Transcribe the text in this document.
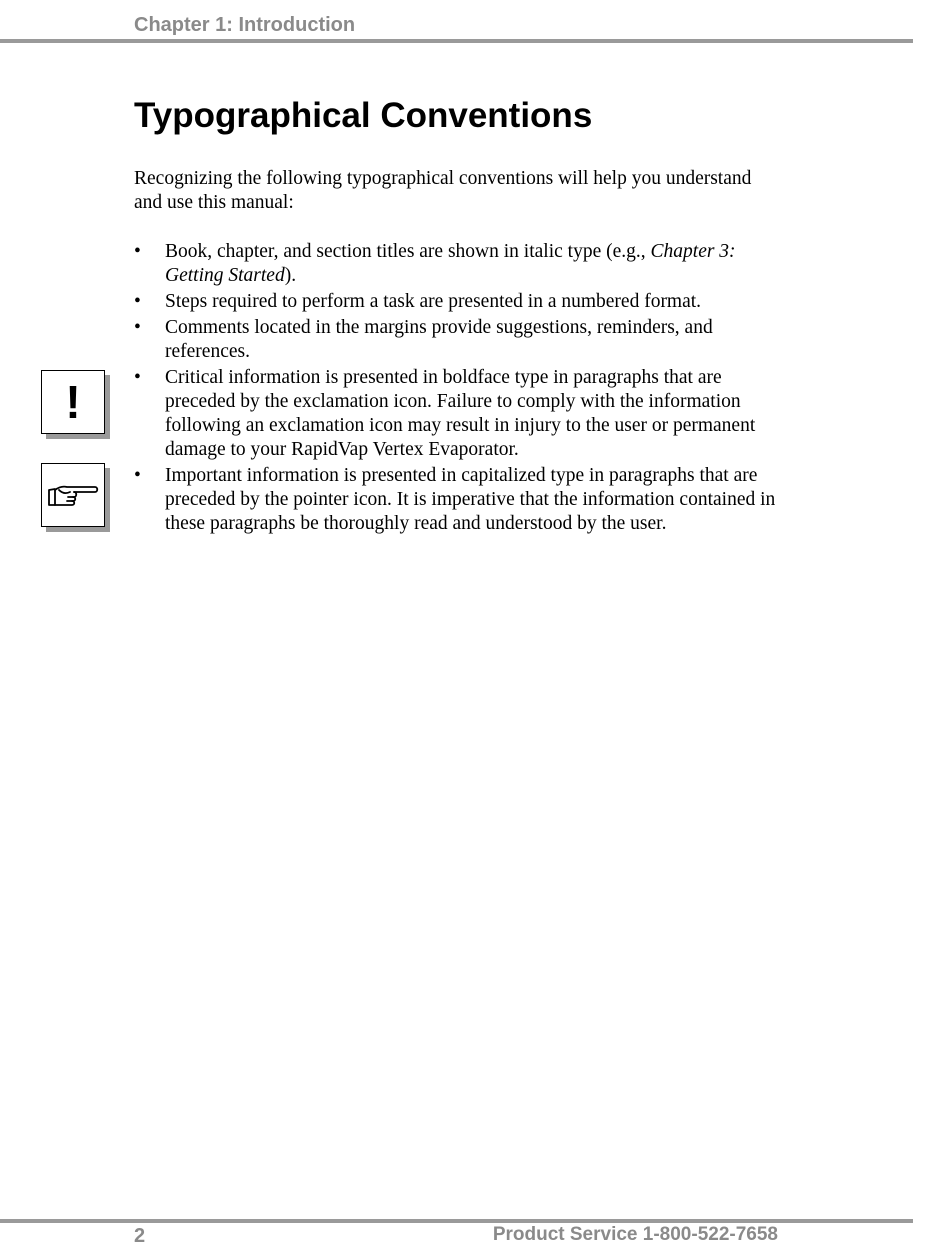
Chapter 1: Introduction
Typographical Conventions

Recognizing the following typographical conventions will help you understand and use this manual:

• Book, chapter, and section titles are shown in italic type (e.g., Chapter 3: Getting Started).
• Steps required to perform a task are presented in a numbered format.
• Comments located in the margins provide suggestions, reminders, and references.
• Critical information is presented in boldface type in paragraphs that are preceded by the exclamation icon. Failure to comply with the information following an exclamation icon may result in injury to the user or permanent damage to your RapidVap Vertex Evaporator.
• Important information is presented in capitalized type in paragraphs that are preceded by the pointer icon. It is imperative that the information contained in these paragraphs be thoroughly read and understood by the user.
!
2	Product Service 1-800-522-7658
